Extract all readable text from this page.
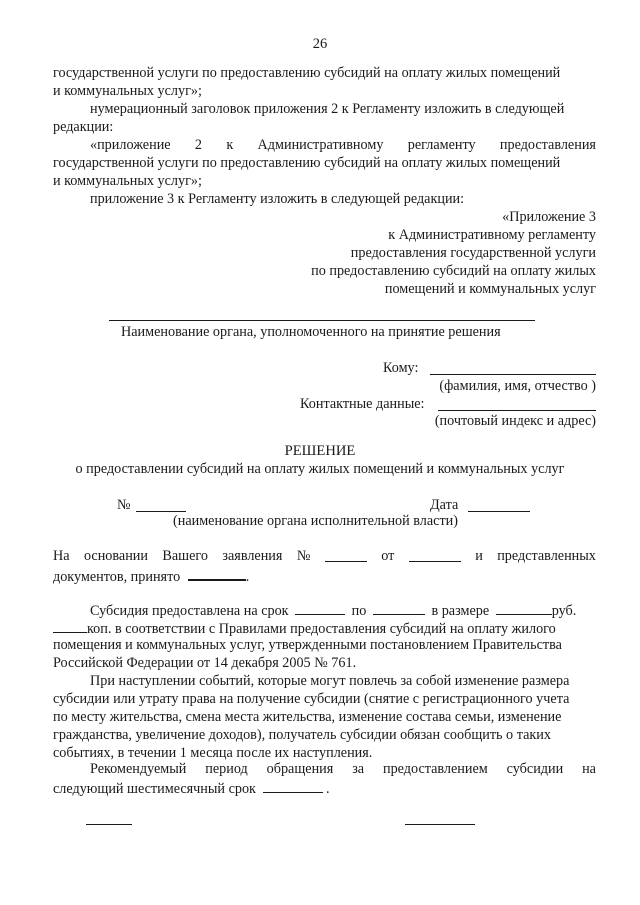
26
государственной услуги по предоставлению субсидий на оплату жилых помещений
и коммунальных услуг»;
нумерационный заголовок приложения 2 к Регламенту изложить в следующей
редакции:
«приложение 2 к Административному регламенту предоставления
государственной услуги по предоставлению субсидий на оплату жилых помещений
и коммунальных услуг»;
приложение 3 к Регламенту изложить в следующей редакции:
«Приложение 3
к Административному регламенту
предоставления государственной услуги
по предоставлению субсидий на оплату жилых
помещений и коммунальных услуг
Наименование органа, уполномоченного на принятие решения
Кому:
(фамилия, имя, отчество )
Контактные данные:
(почтовый индекс и адрес)
РЕШЕНИЕ
о предоставлении субсидий на оплату жилых помещений и коммунальных услуг
№	Дата
(наименование органа исполнительной власти)
На основании Вашего заявления №	от	и представленных
документов, принято	.
Субсидия предоставлена на срок	по	в размере	руб.
коп. в соответствии с Правилами предоставления субсидий на оплату жилого
помещения и коммунальных услуг, утвержденными постановлением Правительства
Российской Федерации от 14 декабря 2005 № 761.
При наступлении событий, которые могут повлечь за собой изменение размера
субсидии или утрату права на получение субсидии (снятие с регистрационного учета
по месту жительства, смена места жительства, изменение состава семьи, изменение
гражданства, увеличение доходов), получатель субсидии обязан сообщить о таких
событиях, в течении 1 месяца после их наступления.
Рекомендуемый период обращения за предоставлением субсидии на
следующий шестимесячный срок	.
